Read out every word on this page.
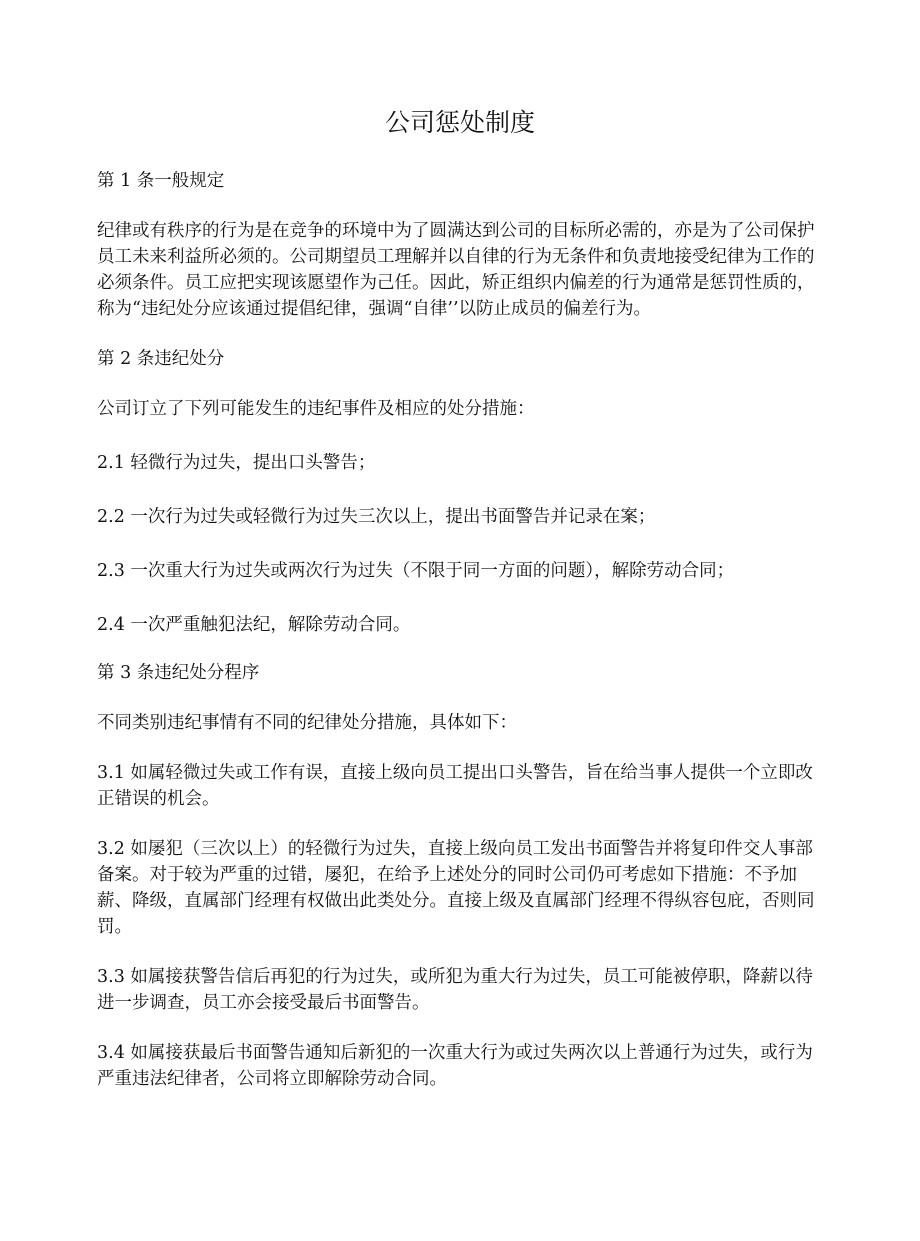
公司惩处制度
第 1 条一般规定
纪律或有秩序的行为是在竞争的环境中为了圆满达到公司的目标所必需的，亦是为了公司保护员工未来利益所必须的。公司期望员工理解并以自律的行为无条件和负责地接受纪律为工作的必须条件。员工应把实现该愿望作为己任。因此，矫正组织内偏差的行为通常是惩罚性质的，称为“违纪处分应该通过提倡纪律，强调“自律’’以防止成员的偏差行为。
第 2 条违纪处分
公司订立了下列可能发生的违纪事件及相应的处分措施：
2.1 轻微行为过失，提出口头警告；
2.2 一次行为过失或轻微行为过失三次以上，提出书面警告并记录在案；
2.3 一次重大行为过失或两次行为过失（不限于同一方面的问题），解除劳动合同；
2.4 一次严重触犯法纪，解除劳动合同。
第 3 条违纪处分程序
不同类别违纪事情有不同的纪律处分措施，具体如下：
3.1 如属轻微过失或工作有误，直接上级向员工提出口头警告，旨在给当事人提供一个立即改正错误的机会。
3.2 如屡犯（三次以上）的轻微行为过失，直接上级向员工发出书面警告并将复印件交人事部备案。对于较为严重的过错，屡犯，在给予上述处分的同时公司仍可考虑如下措施：不予加薪、降级，直属部门经理有权做出此类处分。直接上级及直属部门经理不得纵容包庇，否则同罚。
3.3 如属接获警告信后再犯的行为过失，或所犯为重大行为过失，员工可能被停职，降薪以待进一步调查，员工亦会接受最后书面警告。
3.4 如属接获最后书面警告通知后新犯的一次重大行为或过失两次以上普通行为过失，或行为严重违法纪律者，公司将立即解除劳动合同。
